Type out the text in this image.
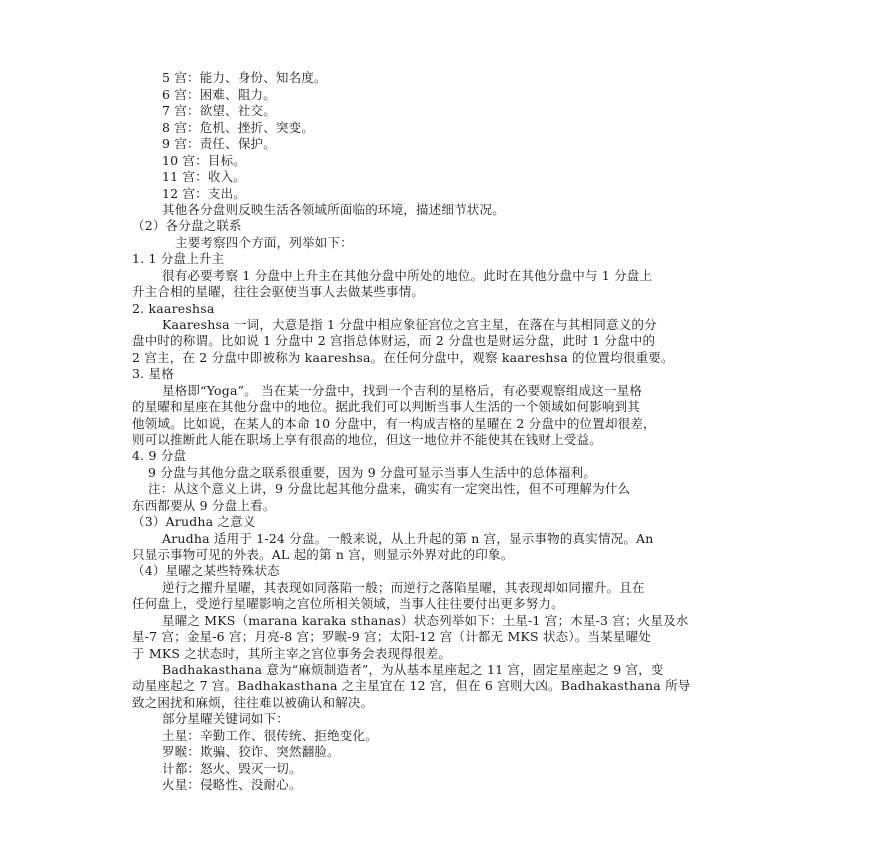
5 宫：能力、身份、知名度。
6 宫：困难、阻力。
7 宫：欲望、社交。
8 宫：危机、挫折、突变。
9 宫：责任、保护。
10 宫：目标。
11 宫：收入。
12 宫：支出。
其他各分盘则反映生活各领域所面临的环境，描述细节状况。
（2）各分盘之联系
主要考察四个方面，列举如下：
1. 1 分盘上升主
很有必要考察 1 分盘中上升主在其他分盘中所处的地位。此时在其他分盘中与 1 分盘上
升主合相的星曜，往往会驱使当事人去做某些事情。
2. kaareshsa
Kaareshsa 一词，大意是指 1 分盘中相应象征宫位之宫主星，在落在与其相同意义的分
盘中时的称谓。比如说 1 分盘中 2 宫指总体财运，而 2 分盘也是财运分盘，此时 1 分盘中的
2 宫主，在 2 分盘中即被称为 kaareshsa。在任何分盘中，观察 kaareshsa 的位置均很重要。
3. 星格
星格即“Yoga”。 当在某一分盘中，找到一个吉利的星格后，有必要观察组成这一星格
的星曜和星座在其他分盘中的地位。据此我们可以判断当事人生活的一个领域如何影响到其
他领域。比如说，在某人的本命 10 分盘中，有一构成吉格的星曜在 2 分盘中的位置却很差，
则可以推断此人能在职场上享有很高的地位，但这一地位并不能使其在钱财上受益。
4. 9 分盘
9 分盘与其他分盘之联系很重要，因为 9 分盘可显示当事人生活中的总体福利。
注：从这个意义上讲，9 分盘比起其他分盘来，确实有一定突出性，但不可理解为什么
东西都要从 9 分盘上看。
（3）Arudha 之意义
Arudha 适用于 1-24 分盘。一般来说，从上升起的第 n 宫，显示事物的真实情况。An
只显示事物可见的外表。AL 起的第 n 宫，则显示外界对此的印象。
（4）星曜之某些特殊状态
逆行之擢升星曜，其表现如同落陷一般；而逆行之落陷星曜，其表现却如同擢升。且在
任何盘上，受逆行星曜影响之宫位所相关领域，当事人往往要付出更多努力。
星曜之 MKS（marana karaka sthanas）状态列举如下：土星-1 宫；木星-3 宫；火星及水
星-7 宫；金星-6 宫；月亮-8 宫；罗睺-9 宫；太阳-12 宫（计都无 MKS 状态）。当某星曜处
于 MKS 之状态时，其所主宰之宫位事务会表现得很差。
Badhakasthana 意为“麻烦制造者”，为从基本星座起之 11 宫，固定星座起之 9 宫，变
动星座起之 7 宫。Badhakasthana 之主星宜在 12 宫，但在 6 宫则大凶。Badhakasthana 所导
致之困扰和麻烦，往往难以被确认和解决。
部分星曜关键词如下：
土星：辛勤工作、很传统、拒绝变化。
罗睺：欺骗、狡诈、突然翻脸。
计都：怒火、毁灭一切。
火星：侵略性、没耐心。
